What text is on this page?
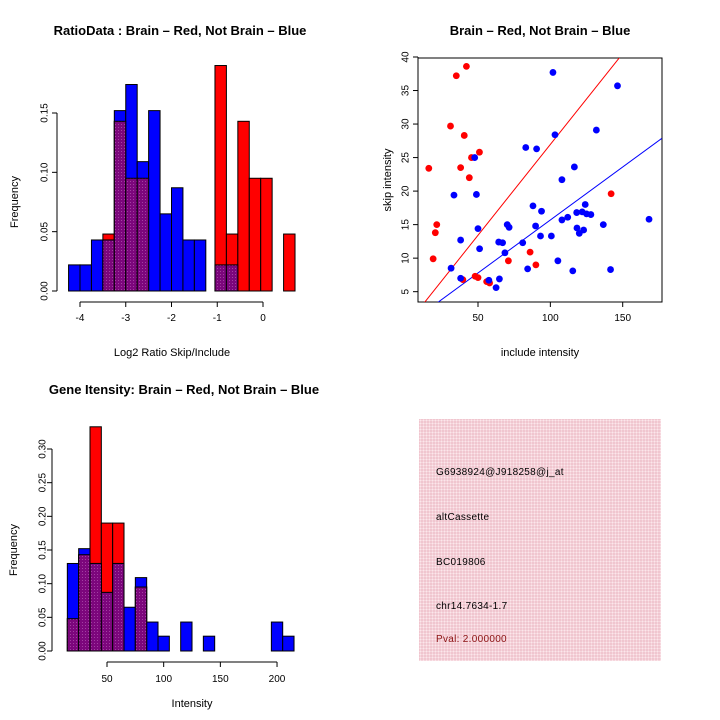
-4	-3	-2	-1	0
0.00
0.05
0.10
0.15
RatioData : Brain – Red, Not Brain – Blue
Log2 Ratio Skip/Include
Frequency
50	100	150
5
10
15
20
25
30
35
40
Brain – Red, Not Brain – Blue
include intensity
skip intensity
50	100	150	200
0.00
0.05
0.10
0.15
0.20
0.25
0.30
Gene Itensity: Brain – Red, Not Brain – Blue
Intensity
Frequency
G6938924@J918258@j_at
altCassette
BC019806
chr14.7634-1.7
Pval: 2.000000
